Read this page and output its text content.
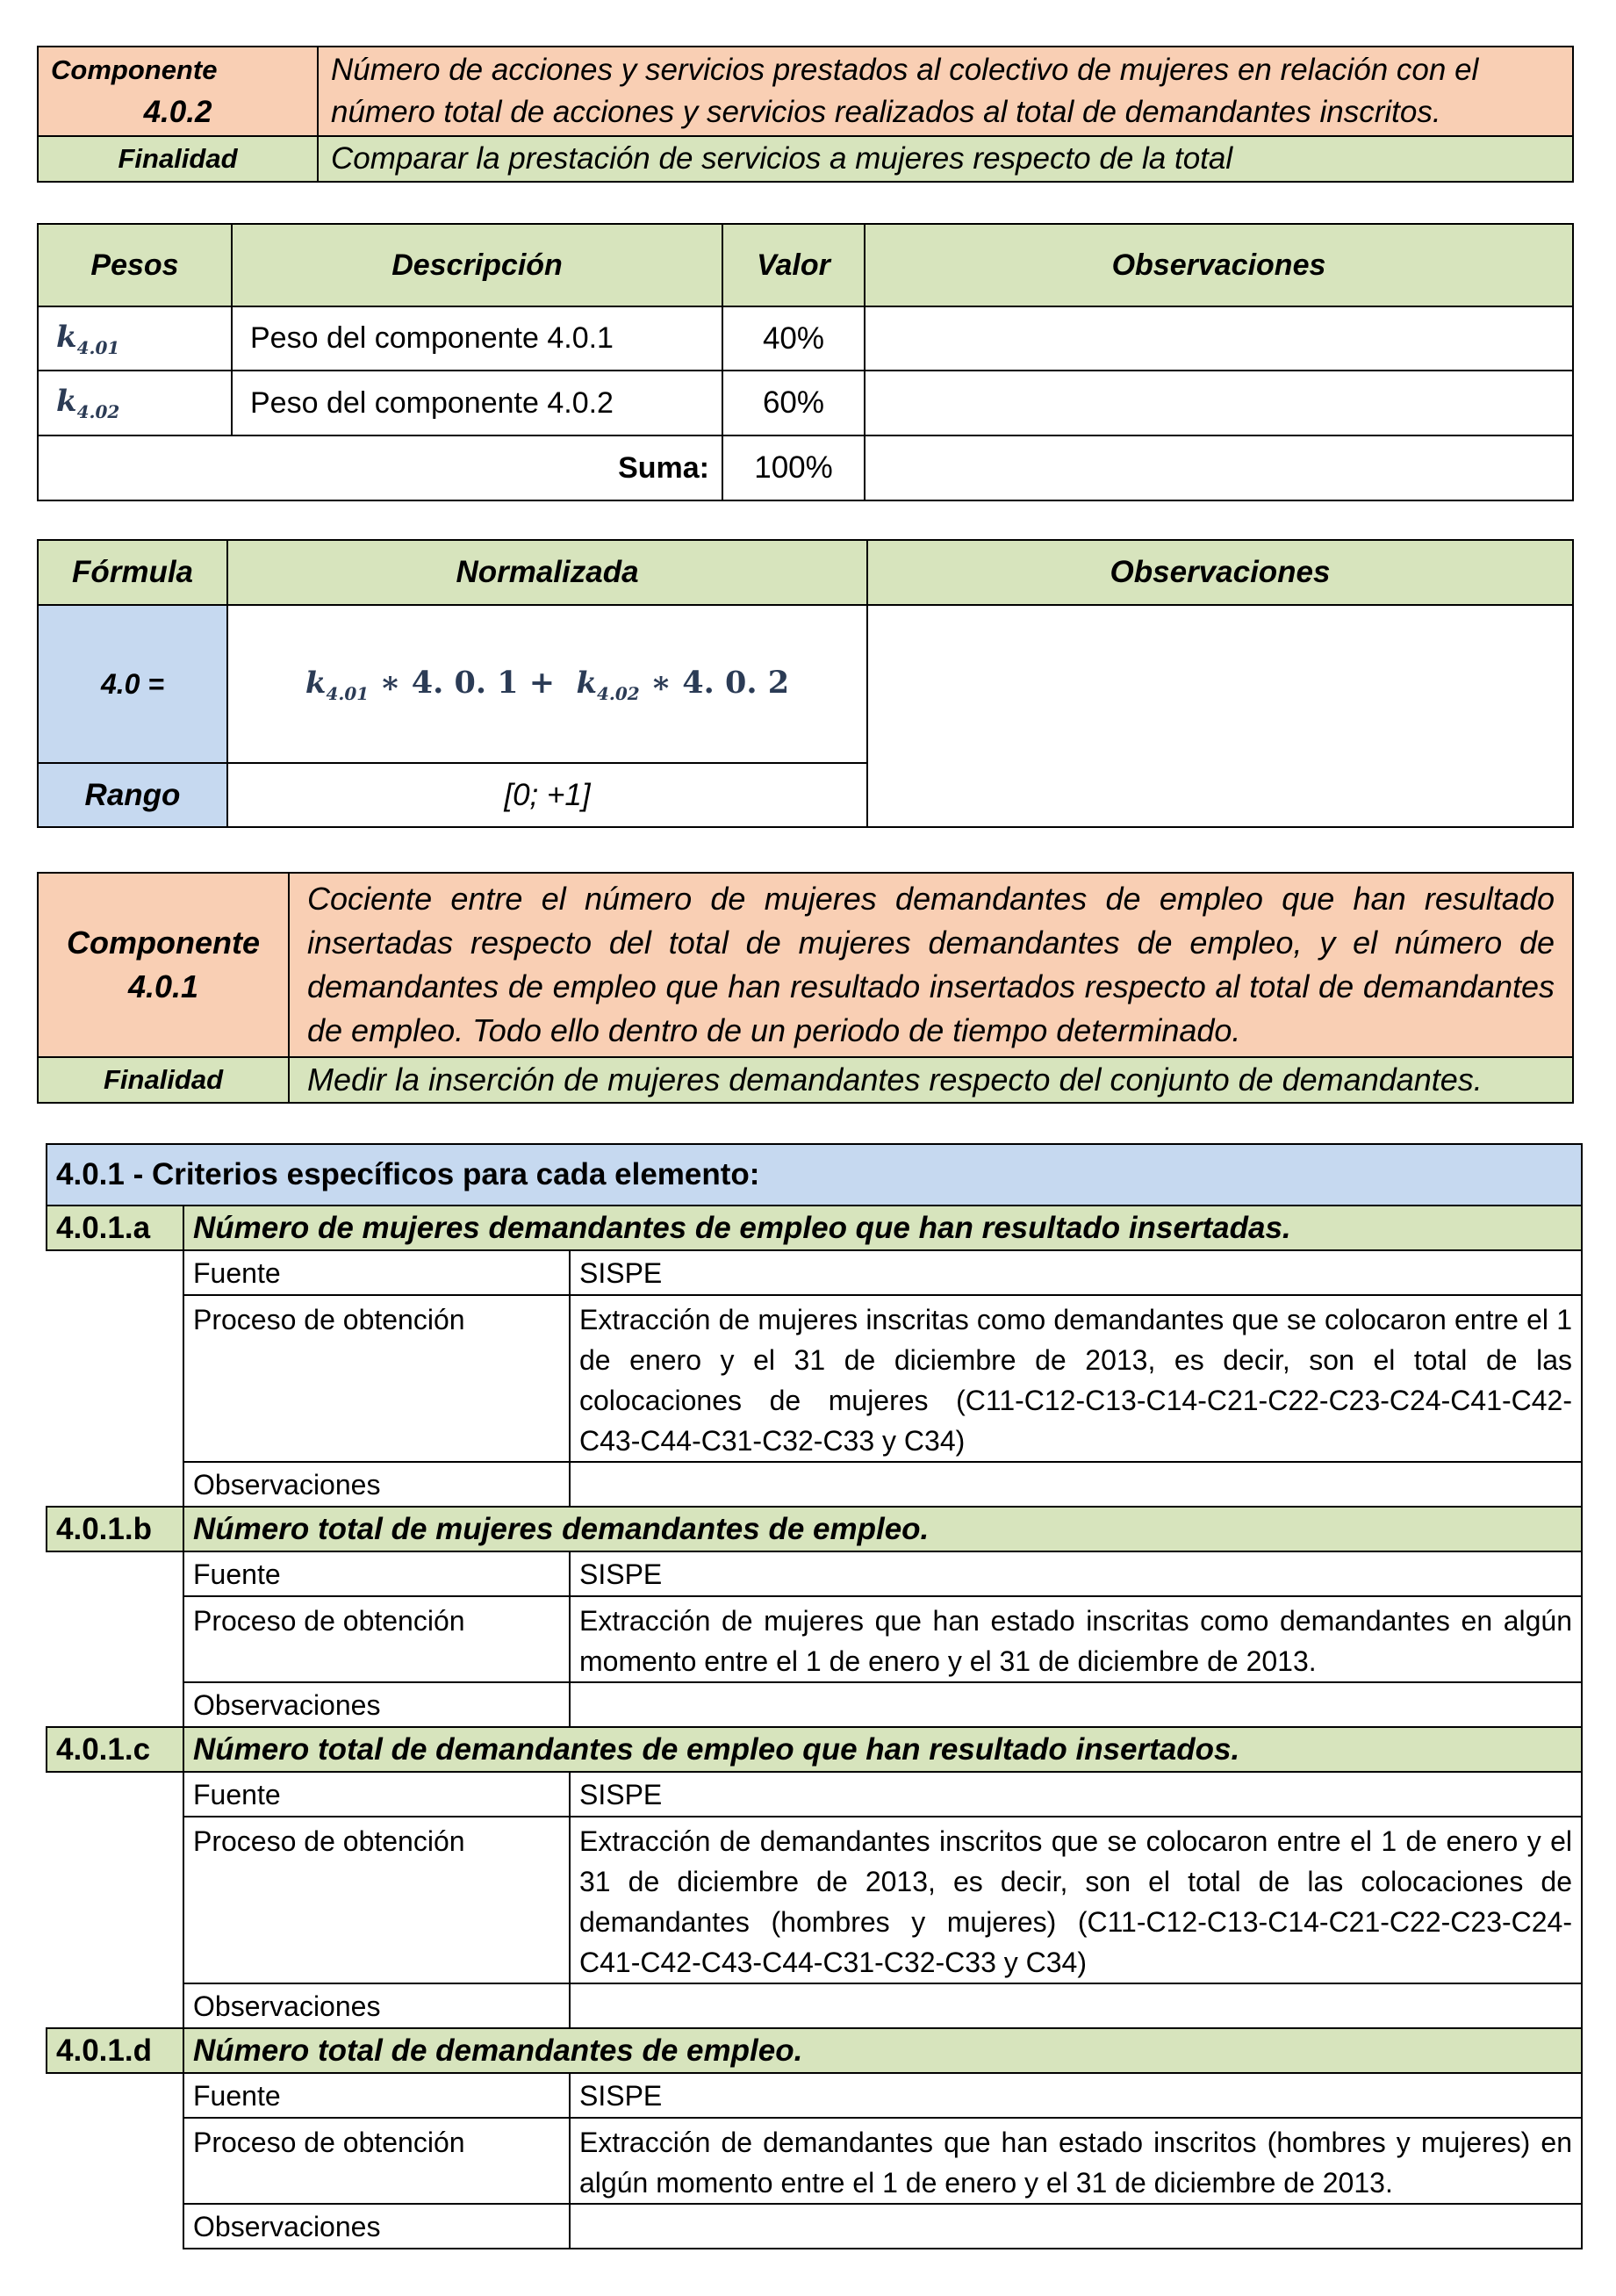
Componente
4.0.2	Número de acciones y servicios prestados al colectivo de mujeres en relación con el número total de acciones y servicios realizados al total de demandantes inscritos.
Finalidad	Comparar la prestación de servicios a mujeres respecto de la total
Pesos	Descripción	Valor	Observaciones
$k_{4.01}$	Peso del componente 4.0.1	40%	
$k_{4.02}$	Peso del componente 4.0.2	60%	
Suma:		100%	
Fórmula	Normalizada	Observaciones
4.0 =	$k_{4.01}$ ∗ 4. 0. $1 + k_{4.02}$ ∗ 4. 0. 2	
Rango	[0; +1]	
Componente
4.0.1	Cociente entre el número de mujeres demandantes de empleo que han resultado insertadas respecto del total de mujeres demandantes de empleo, y el número de demandantes de empleo que han resultado insertados respecto al total de demandantes de empleo. Todo ello dentro de un periodo de tiempo determinado.
Finalidad	Medir la inserción de mujeres demandantes respecto del conjunto de demandantes.
4.0.1 - Criterios específicos para cada elemento:		
4.0.1.a	Número de mujeres demandantes de empleo que han resultado insertadas.	
	Fuente	SISPE
	Proceso de obtención	Extracción de mujeres inscritas como demandantes que se colocaron entre el 1 de enero y el 31 de diciembre de 2013, es decir, son el total de las colocaciones de mujeres (C11-C12-C13-C14-C21-C22-C23-C24-C41-C42-C43-C44-C31-C32-C33 y C34)
	Observaciones	
4.0.1.b	Número total de mujeres demandantes de empleo.	
	Fuente	SISPE
	Proceso de obtención	Extracción de mujeres que han estado inscritas como demandantes en algún momento entre el 1 de enero y el 31 de diciembre de 2013.
	Observaciones	
4.0.1.c	Número total de demandantes de empleo que han resultado insertados.	
	Fuente	SISPE
	Proceso de obtención	Extracción de demandantes inscritos que se colocaron entre el 1 de enero y el 31 de diciembre de 2013, es decir, son el total de las colocaciones de demandantes (hombres y mujeres) (C11-C12-C13-C14-C21-C22-C23-C24-C41-C42-C43-C44-C31-C32-C33 y C34)
	Observaciones	
4.0.1.d	Número total de demandantes de empleo.	
	Fuente	SISPE
	Proceso de obtención	Extracción de demandantes que han estado inscritos (hombres y mujeres) en algún momento entre el 1 de enero y el 31 de diciembre de 2013.
	Observaciones	
